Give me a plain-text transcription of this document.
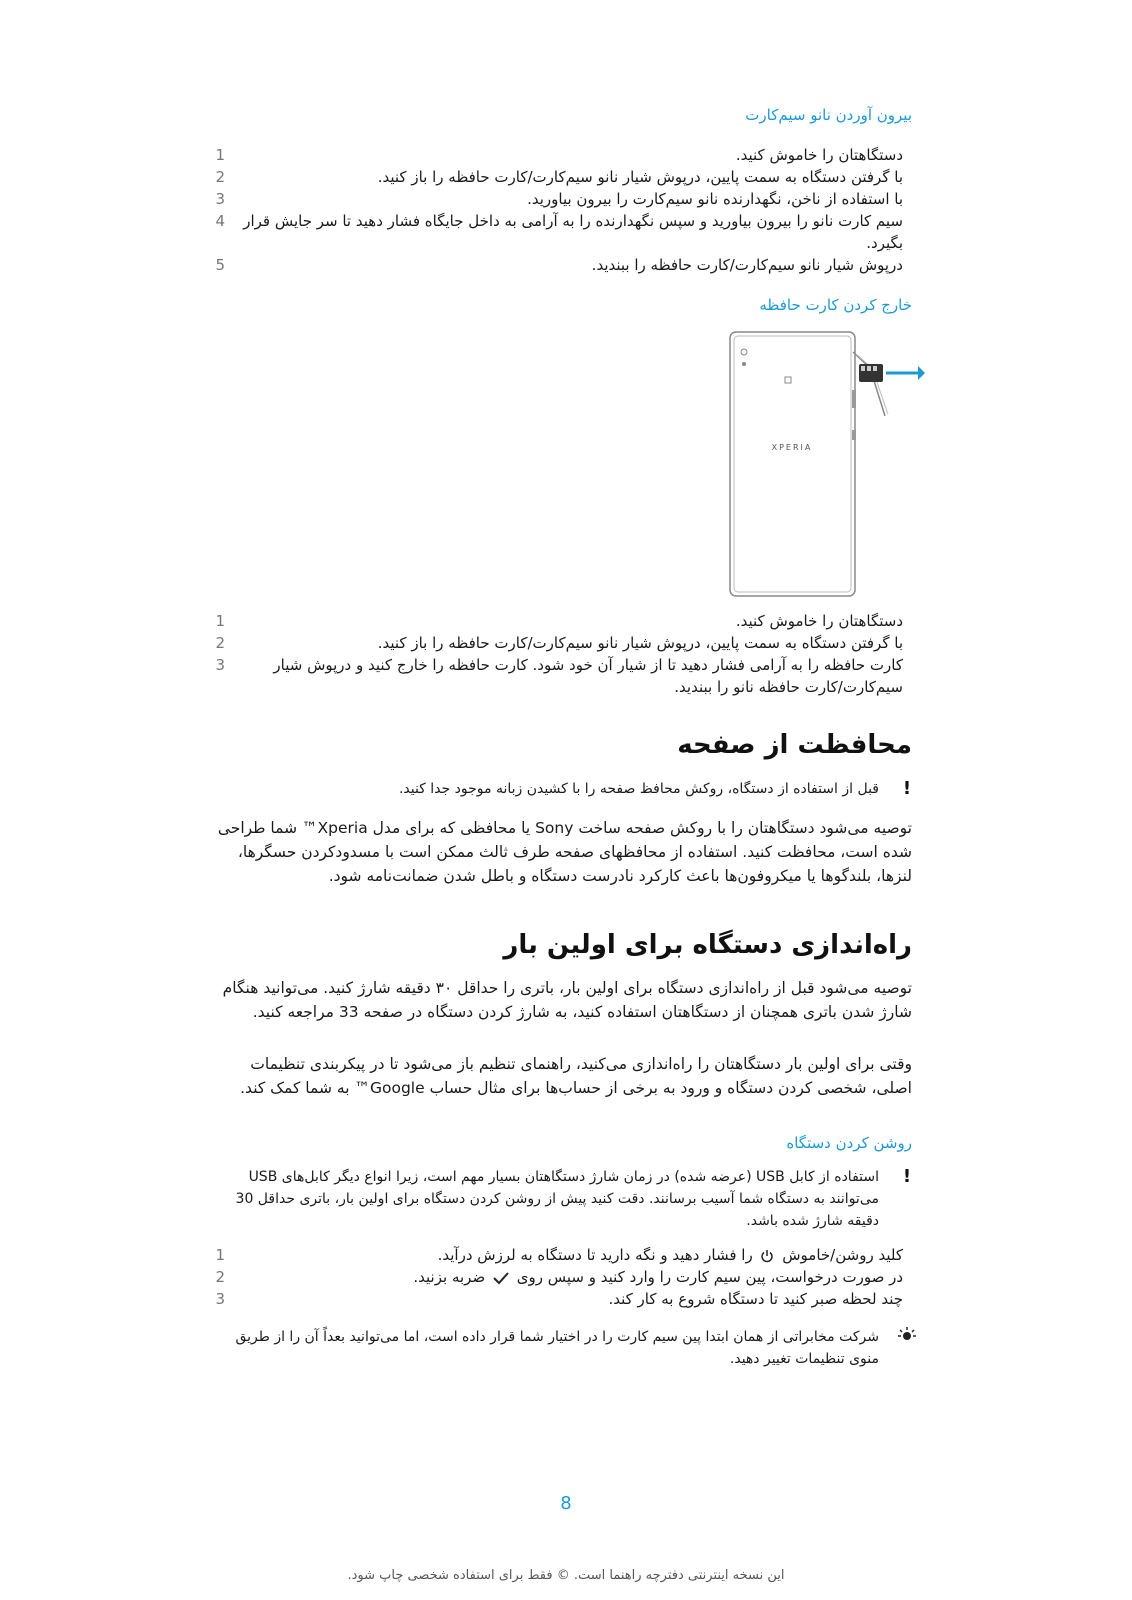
بیرون آوردن نانو سیم‌کارت
1	دستگاهتان را خاموش کنید.
2	با گرفتن دستگاه به سمت پایین، درپوش شیار نانو سیم‌کارت/کارت حافظه را باز کنید.
3	با استفاده از ناخن، نگهدارنده نانو سیم‌کارت را بیرون بیاورید.
4	سیم کارت نانو را بیرون بیاورید و سپس نگهدارنده را به آرامی به داخل جایگاه فشار دهید تا سر جایش قرار بگیرد.
5	درپوش شیار نانو سیم‌کارت/کارت حافظه را ببندید.
خارج کردن کارت حافظه
XPERIA
1	دستگاهتان را خاموش کنید.
2	با گرفتن دستگاه به سمت پایین، درپوش شیار نانو سیم‌کارت/کارت حافظه را باز کنید.
3	کارت حافظه را به آرامی فشار دهید تا از شیار آن خود شود. کارت حافظه را خارج کنید و درپوش شیار سیم‌کارت/کارت حافظه نانو را ببندید.
محافظت از صفحه
قبل از استفاده از دستگاه، روکش محافظ صفحه را با کشیدن زبانه موجود جدا کنید.	!
توصیه می‌شود دستگاهتان را با روکش صفحه ساخت Sony یا محافظی که برای مدل Xperia™ شما طراحی شده است، محافظت کنید. استفاده از محافظهای صفحه طرف ثالث ممکن است با مسدودکردن حسگرها، لنزها، بلندگوها یا میکروفون‌ها باعث کارکرد نادرست دستگاه و باطل شدن ضمانت‌نامه شود.
راه‌اندازی دستگاه برای اولین بار
توصیه می‌شود قبل از راه‌اندازی دستگاه برای اولین بار، باتری را حداقل ۳۰ دقیقه شارژ کنید. می‌توانید هنگام شارژ شدن باتری همچنان از دستگاهتان استفاده کنید، به شارژ کردن دستگاه در صفحه 33 مراجعه کنید.
وقتی برای اولین بار دستگاهتان را راه‌اندازی می‌کنید، راهنمای تنظیم باز می‌شود تا در پیکربندی تنظیمات اصلی، شخصی کردن دستگاه و ورود به برخی از حساب‌ها برای مثال حساب Google™ به شما کمک کند.
روشن کردن دستگاه
استفاده از کابل USB (عرضه شده) در زمان شارژ دستگاهتان بسیار مهم است، زیرا انواع دیگر کابل‌های USB می‌توانند به دستگاه شما آسیب برسانند. دقت کنید پیش از روشن کردن دستگاه برای اولین بار، باتری حداقل 30 دقیقه شارژ شده باشد.
!
1	کلید روشن/خاموش  را فشار دهید و نگه دارید تا دستگاه به لرزش درآید.
2	در صورت درخواست، پین سیم کارت را وارد کنید و سپس روی  ضربه بزنید.
3	چند لحظه صبر کنید تا دستگاه شروع به کار کند.
شرکت مخابراتی از همان ابتدا پین سیم کارت را در اختیار شما قرار داده است، اما می‌توانید بعداً آن را از طریق منوی تنظیمات تغییر دهید.
8
این نسخه اینترنتی دفترچه راهنما است. © فقط برای استفاده شخصی چاپ شود.
